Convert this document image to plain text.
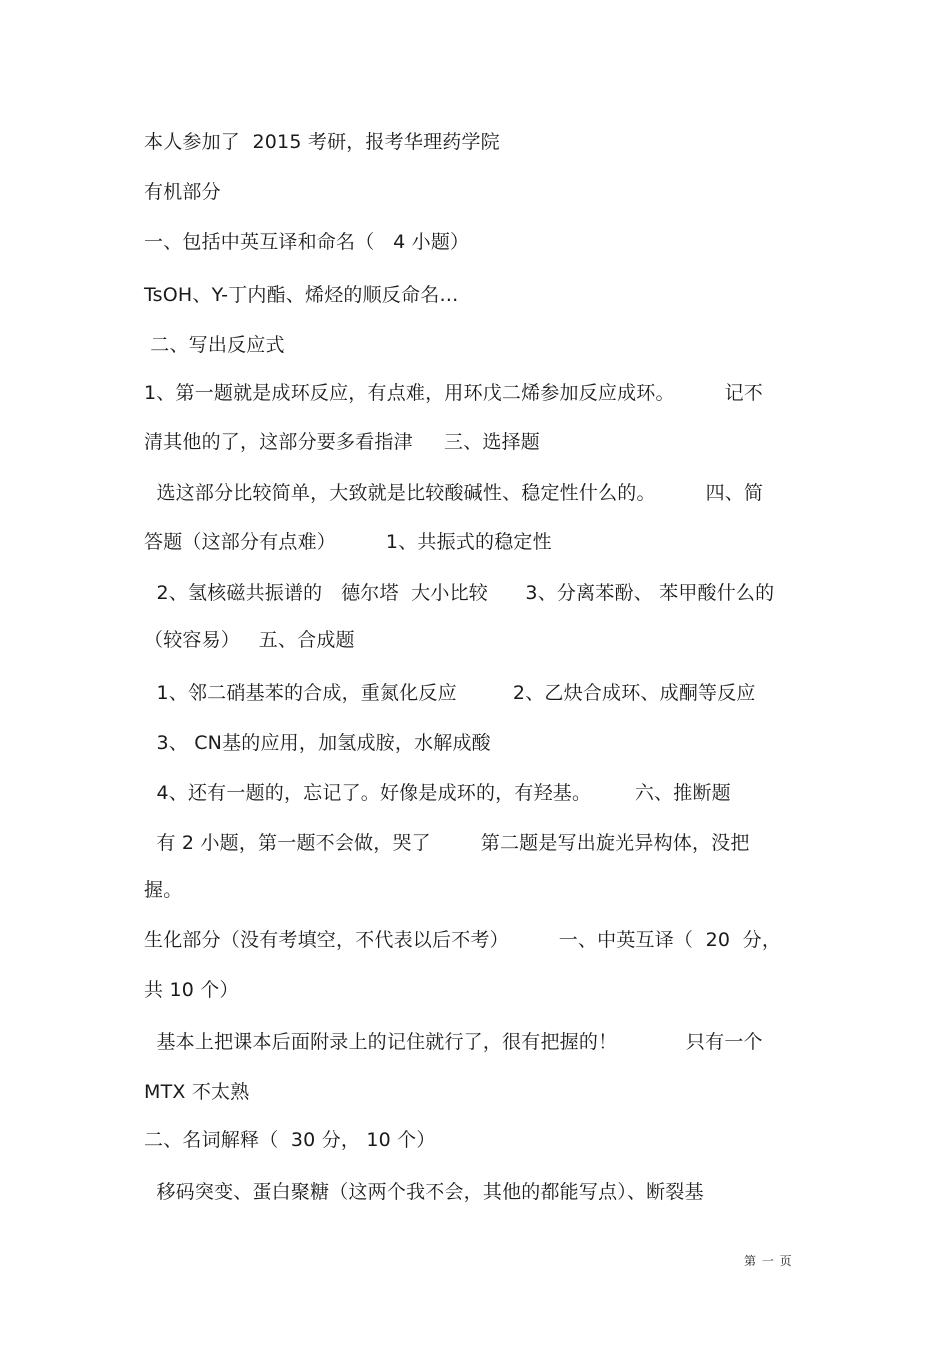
本人参加了  2015 考研，报考华理药学院
有机部分
一、包括中英互译和命名（   4 小题）
TsOH、Y-丁内酯、烯烃的顺反命名…
二、写出反应式
1、第一题就是成环反应，有点难，用环戊二烯参加反应成环。        记不
清其他的了，这部分要多看指津     三、选择题
选这部分比较简单，大致就是比较酸碱性、稳定性什么的。        四、简
答题（这部分有点难）        1、共振式的稳定性
2、氢核磁共振谱的   德尔塔  大小比较      3、分离苯酚、 苯甲酸什么的
（较容易）   五、合成题
1、邻二硝基苯的合成，重氮化反应         2、乙炔合成环、成酮等反应
3、 CN基的应用，加氢成胺，水解成酸
4、还有一题的，忘记了。好像是成环的，有羟基。       六、推断题
有 2 小题，第一题不会做，哭了        第二题是写出旋光异构体，没把
握。
生化部分（没有考填空，不代表以后不考）        一、中英互译（  20  分，
共 10 个）
基本上把课本后面附录上的记住就行了，很有把握的！           只有一个
MTX 不太熟
二、名词解释（  30 分， 10 个）
移码突变、蛋白聚糖（这两个我不会，其他的都能写点）、断裂基
第 一 页
